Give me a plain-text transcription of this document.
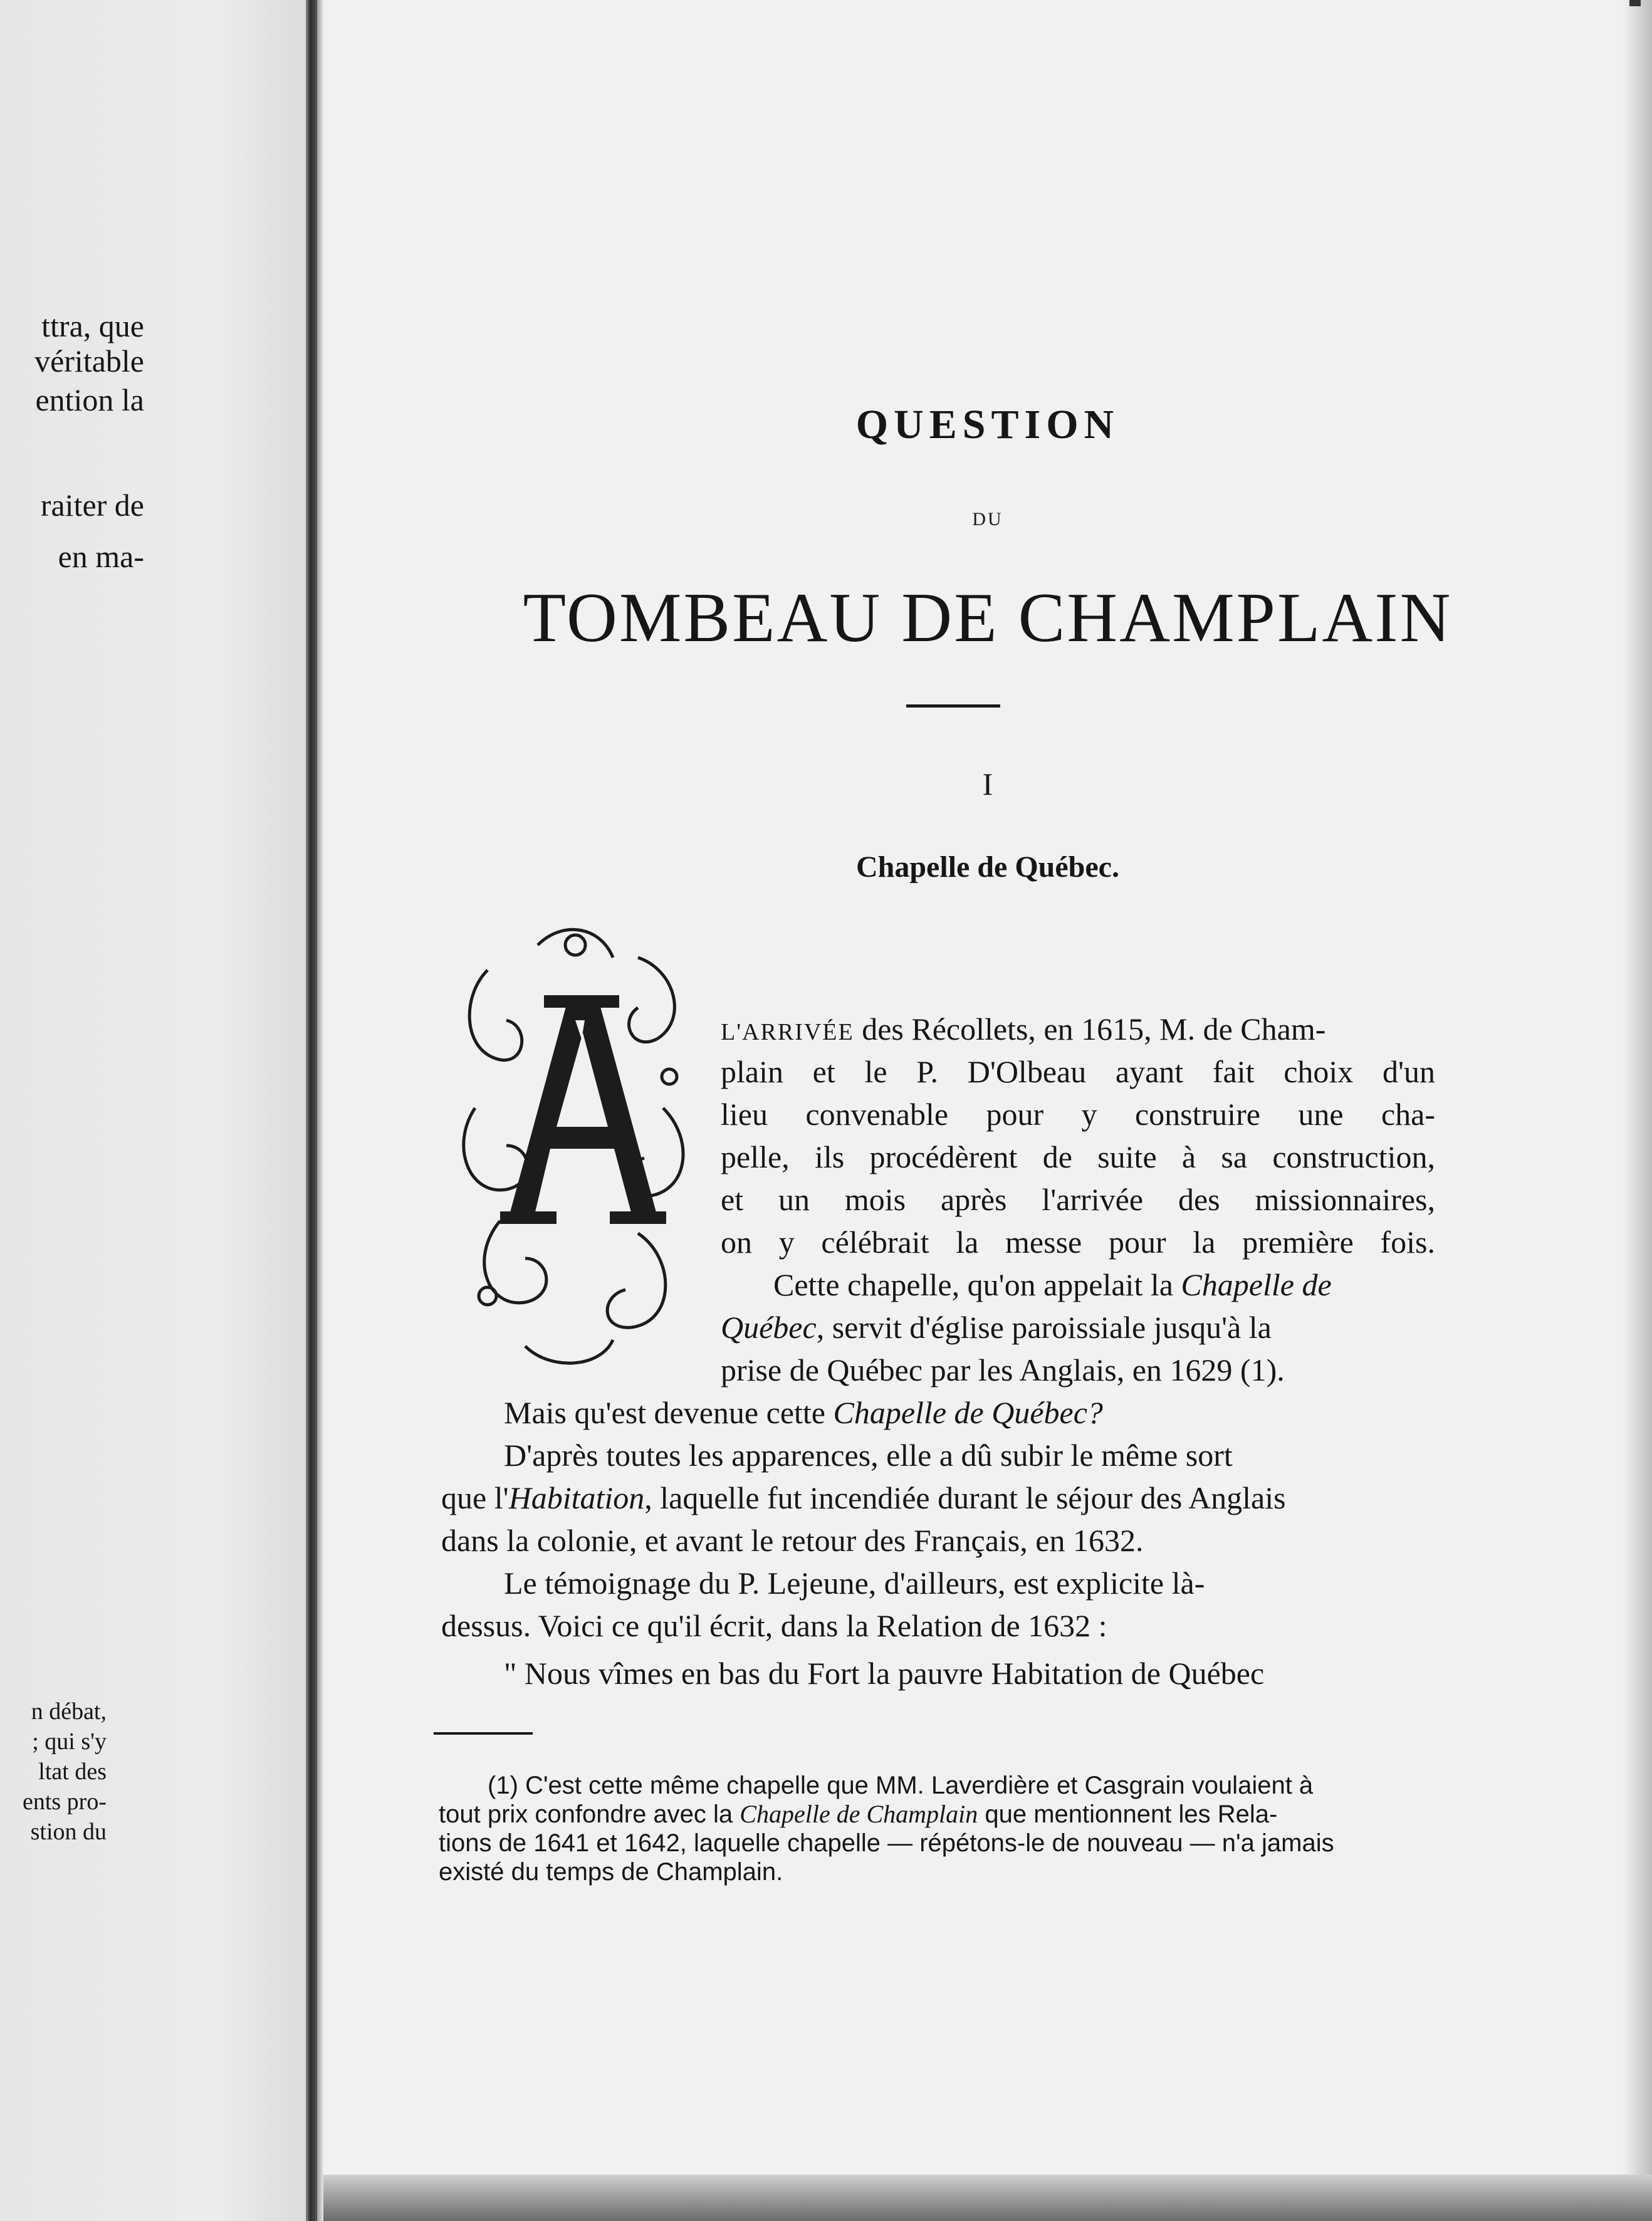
ttra, que
véritable
ention la
raiter de
en ma-
n débat,
; qui s'y
ltat des
ents pro-
stion du
QUESTION
DU
TOMBEAU DE CHAMPLAIN
I
Chapelle de Québec.
L'ARRIVÉE des Récollets, en 1615, M. de Cham-
plain et le P. D'Olbeau ayant fait choix d'un
lieu convenable pour y construire une cha-
pelle, ils procédèrent de suite à sa construction,
et un mois après l'arrivée des missionnaires,
on y célébrait la messe pour la première fois.
Cette chapelle, qu'on appelait la Chapelle de
Québec, servit d'église paroissiale jusqu'à la
prise de Québec par les Anglais, en 1629 (1).
Mais qu'est devenue cette Chapelle de Québec?
D'après toutes les apparences, elle a dû subir le même sort
que l'Habitation, laquelle fut incendiée durant le séjour des Anglais
dans la colonie, et avant le retour des Français, en 1632.
Le témoignage du P. Lejeune, d'ailleurs, est explicite là-
dessus. Voici ce qu'il écrit, dans la Relation de 1632 :
" Nous vîmes en bas du Fort la pauvre Habitation de Québec
(1) C'est cette même chapelle que MM. Laverdière et Casgrain voulaient à
tout prix confondre avec la Chapelle de Champlain que mentionnent les Rela-
tions de 1641 et 1642, laquelle chapelle — répétons-le de nouveau — n'a jamais
existé du temps de Champlain.
